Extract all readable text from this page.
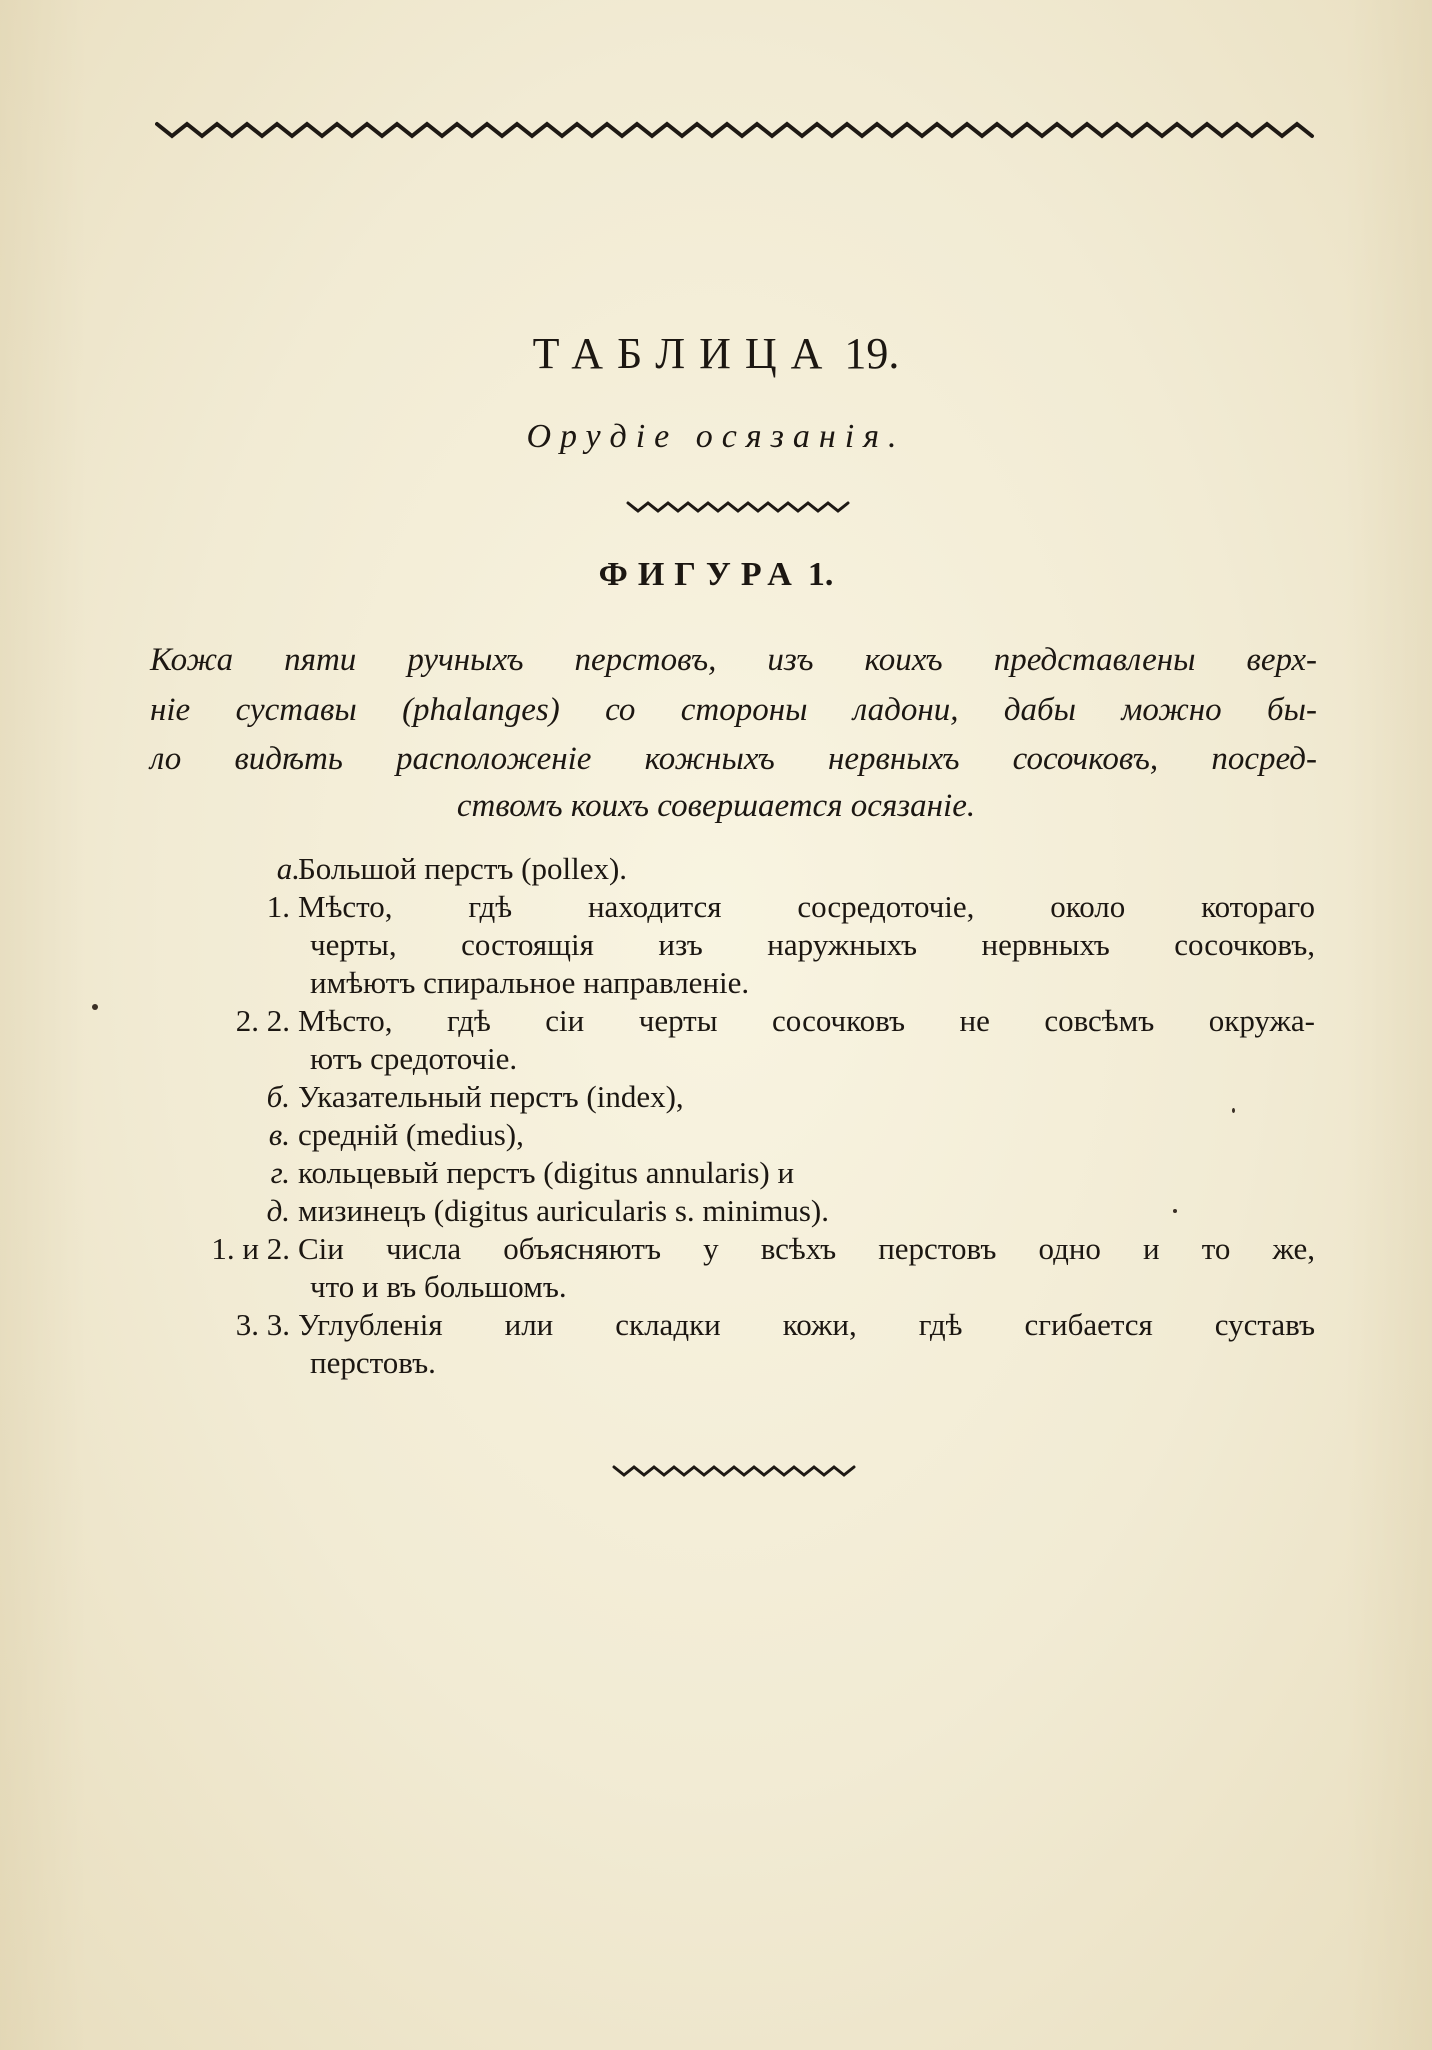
ТАБЛИЦА 19.
Орудіе осязанія.
ФИГУРА 1.
Кожа пяти ручныхъ перстовъ, изъ коихъ представлены верх-
ніе суставы (phalanges) со стороны ладони, дабы можно бы-
ло видѣть расположеніе кожныхъ нервныхъ сосочковъ, посред-
ствомъ коихъ совершается осязаніе.
а.
Большой перстъ (pollex).
1. Мѣсто, гдѣ находится сосредоточіе, около котораго
черты, состоящія изъ наружныхъ нервныхъ сосочковъ,
имѣютъ спиральное направленіе.
2. 2. Мѣсто, гдѣ сіи черты сосочковъ не совсѣмъ окружа-
ютъ средоточіе.
б. Указательный перстъ (index),
в. средній (medius),
г. кольцевый перстъ (digitus annularis) и
д. мизинецъ (digitus auricularis s. minimus).
1. и 2. Сіи числа объясняютъ у всѣхъ перстовъ одно и то же,
что и въ большомъ.
3. 3. Углубленія или складки кожи, гдѣ сгибается суставъ
перстовъ.
